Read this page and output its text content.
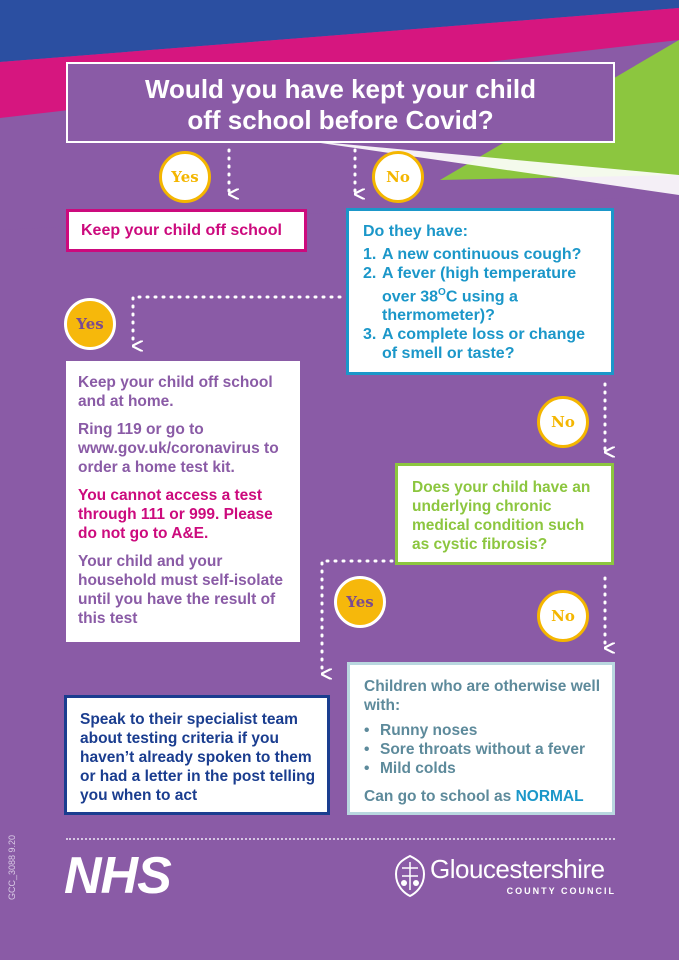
Would you have kept your child

off school before Covid?

Yes	No
Yes
No
Yes
No

Keep your child off school	Do they have:

1. A new continuous cough?
2. A fever (high temperature over $38^OC$ using a thermometer)?
3. A complete loss or change of smell or taste?

Keep your child off school and at home.

Ring 119 or go to www.gov.uk/coronavirus to order a home test kit.

You cannot access a test through 111 or 999. Please do not go to A&E.

Your child and your household must self-isolate until you have the result of this test

Does your child have an underlying chronic medical condition such as cystic fibrosis?

Speak to their specialist team about testing criteria if you haven’t already spoken to them or had a letter in the post telling you when to act

Children who are otherwise well with:

• Runny noses
• Sore throats without a fever
• Mild colds

Can go to school as NORMAL

NHS
GCC_3088 9.20	Gloucestershire
COUNTY COUNCIL
